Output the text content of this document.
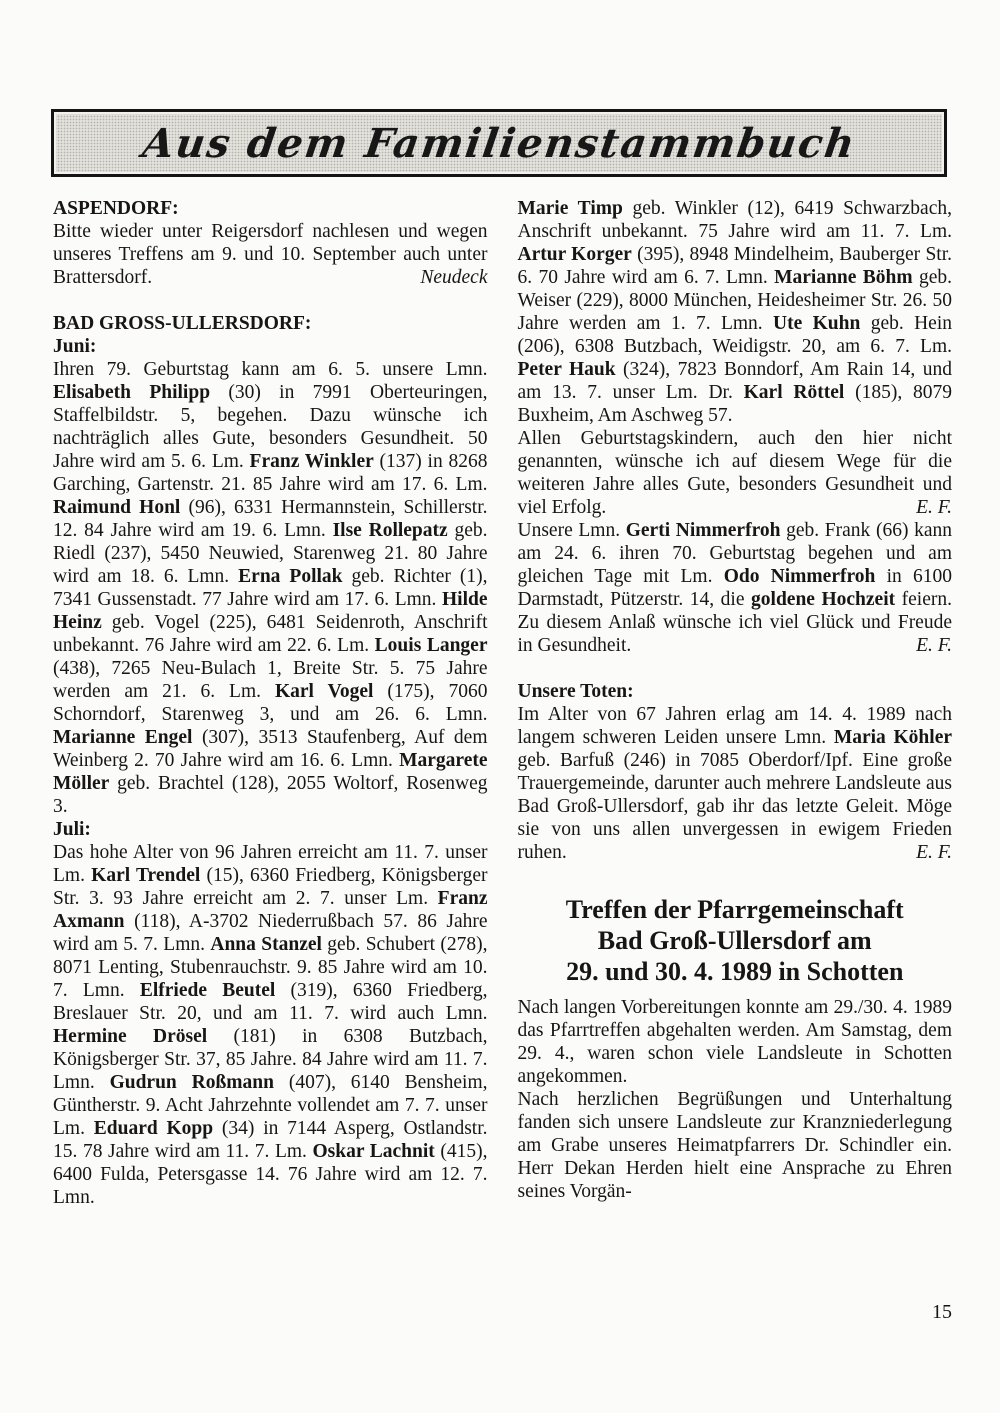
Aus dem Familienstammbuch
ASPENDORF:

Bitte wieder unter Reigersdorf nachlesen und wegen unseres Treffens am 9. und 10. September auch unter Brattersdorf.	Neudeck

BAD GROSS-ULLERSDORF:
Juni:

Ihren 79. Geburtstag kann am 6. 5. unsere Lmn. Elisabeth Philipp (30) in 7991 Oberteuringen, Staffelbildstr. 5, begehen. Dazu wünsche ich nachträglich alles Gute, besonders Gesundheit. 50 Jahre wird am 5. 6. Lm. Franz Winkler (137) in 8268 Garching, Gartenstr. 21. 85 Jahre wird am 17. 6. Lm. Raimund Honl (96), 6331 Hermannstein, Schillerstr. 12. 84 Jahre wird am 19. 6. Lmn. Ilse Rollepatz geb. Riedl (237), 5450 Neuwied, Starenweg 21. 80 Jahre wird am 18. 6. Lmn. Erna Pollak geb. Richter (1), 7341 Gussenstadt. 77 Jahre wird am 17. 6. Lmn. Hilde Heinz geb. Vogel (225), 6481 Seidenroth, Anschrift unbekannt. 76 Jahre wird am 22. 6. Lm. Louis Langer (438), 7265 Neu-Bulach 1, Breite Str. 5. 75 Jahre werden am 21. 6. Lm. Karl Vogel (175), 7060 Schorndorf, Starenweg 3, und am 26. 6. Lmn. Marianne Engel (307), 3513 Staufenberg, Auf dem Weinberg 2. 70 Jahre wird am 16. 6. Lmn. Margarete Möller geb. Brachtel (128), 2055 Woltorf, Rosenweg 3.

Juli:

Das hohe Alter von 96 Jahren erreicht am 11. 7. unser Lm. Karl Trendel (15), 6360 Friedberg, Königsberger Str. 3. 93 Jahre erreicht am 2. 7. unser Lm. Franz Axmann (118), A-3702 Niederrußbach 57. 86 Jahre wird am 5. 7. Lmn. Anna Stanzel geb. Schubert (278), 8071 Lenting, Stubenrauchstr. 9. 85 Jahre wird am 10. 7. Lmn. Elfriede Beutel (319), 6360 Friedberg, Breslauer Str. 20, und am 11. 7. wird auch Lmn. Hermine Drösel (181) in 6308 Butzbach, Königsberger Str. 37, 85 Jahre. 84 Jahre wird am 11. 7. Lmn. Gudrun Roßmann (407), 6140 Bensheim, Güntherstr. 9. Acht Jahrzehnte vollendet am 7. 7. unser Lm. Eduard Kopp (34) in 7144 Asperg, Ostlandstr. 15. 78 Jahre wird am 11. 7. Lm. Oskar Lachnit (415), 6400 Fulda, Petersgasse 14. 76 Jahre wird am 12. 7. Lmn.

Marie Timp geb. Winkler (12), 6419 Schwarzbach, Anschrift unbekannt. 75 Jahre wird am 11. 7. Lm. Artur Korger (395), 8948 Mindelheim, Bauberger Str. 6. 70 Jahre wird am 6. 7. Lmn. Marianne Böhm geb. Weiser (229), 8000 München, Heidesheimer Str. 26. 50 Jahre werden am 1. 7. Lmn. Ute Kuhn geb. Hein (206), 6308 Butzbach, Weidigstr. 20, am 6. 7. Lm. Peter Hauk (324), 7823 Bonndorf, Am Rain 14, und am 13. 7. unser Lm. Dr. Karl Röttel (185), 8079 Buxheim, Am Aschweg 57.

Allen Geburtstagskindern, auch den hier nicht genannten, wünsche ich auf diesem Wege für die weiteren Jahre alles Gute, besonders Gesundheit und viel Erfolg.	E. F.

Unsere Lmn. Gerti Nimmerfroh geb. Frank (66) kann am 24. 6. ihren 70. Geburtstag begehen und am gleichen Tage mit Lm. Odo Nimmerfroh in 6100 Darmstadt, Pützerstr. 14, die goldene Hochzeit feiern. Zu diesem Anlaß wünsche ich viel Glück und Freude in Gesundheit.	E. F.

Unsere Toten:

Im Alter von 67 Jahren erlag am 14. 4. 1989 nach langem schweren Leiden unsere Lmn. Maria Köhler geb. Barfuß (246) in 7085 Oberdorf/Ipf. Eine große Trauergemeinde, darunter auch mehrere Landsleute aus Bad Groß-Ullersdorf, gab ihr das letzte Geleit. Möge sie von uns allen unvergessen in ewigem Frieden ruhen.	E. F.

Treffen der Pfarrgemeinschaft
Bad Groß-Ullersdorf am
29. und 30. 4. 1989 in Schotten

Nach langen Vorbereitungen konnte am 29./30. 4. 1989 das Pfarrtreffen abgehalten werden. Am Samstag, dem 29. 4., waren schon viele Landsleute in Schotten angekommen.

Nach herzlichen Begrüßungen und Unterhaltung fanden sich unsere Landsleute zur Kranzniederlegung am Grabe unseres Heimatpfarrers Dr. Schindler ein. Herr Dekan Herden hielt eine Ansprache zu Ehren seines Vorgän-

15
